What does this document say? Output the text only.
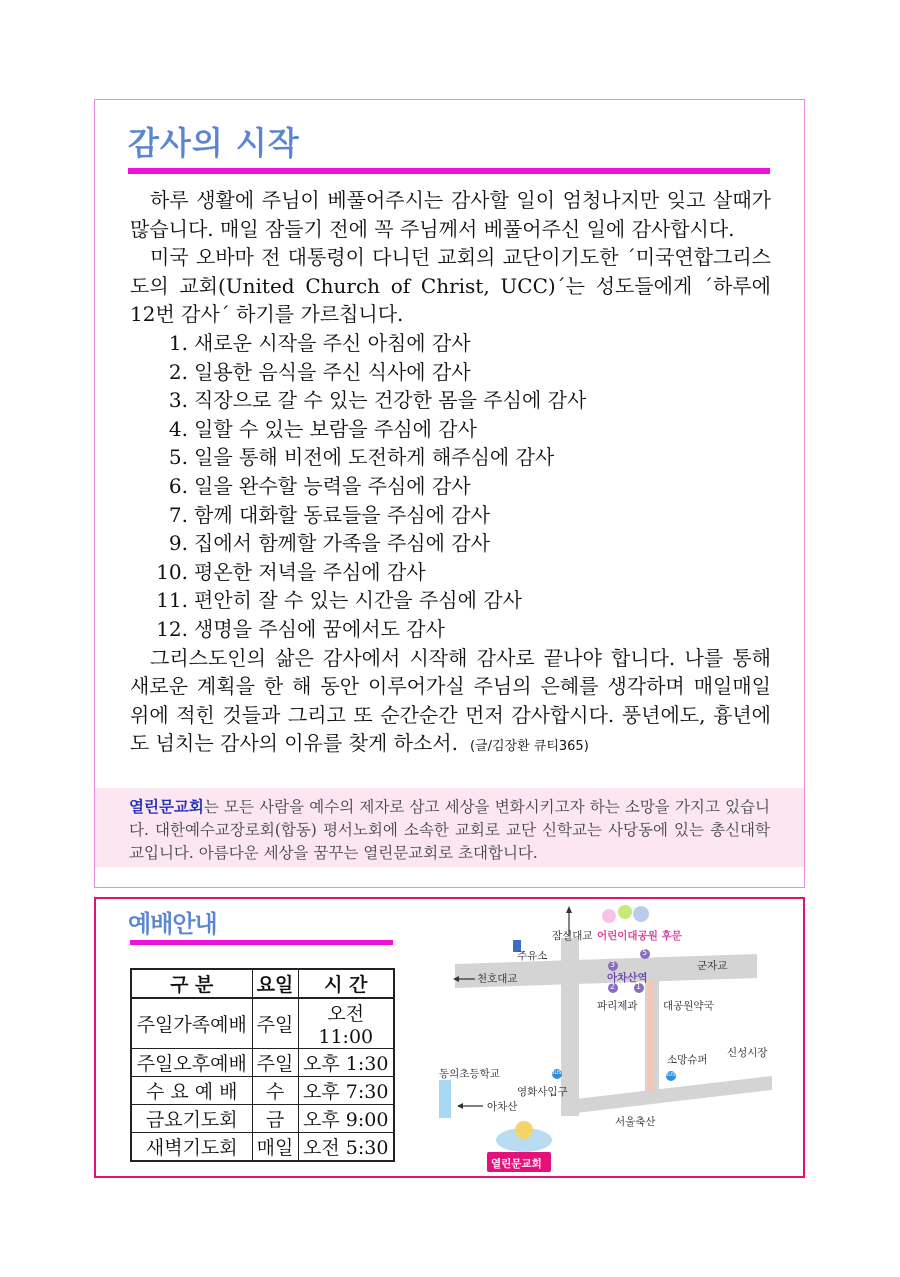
감사의 시작

하루 생활에 주님이 베풀어주시는 감사할 일이 엄청나지만 잊고 살때가 많습니다. 매일 잠들기 전에 꼭 주님께서 베풀어주신 일에 감사합시다.

미국 오바마 전 대통령이 다니던 교회의 교단이기도한 ´미국연합그리스도의 교회(United Church of Christ, UCC)´는 성도들에게 ´하루에 12번 감사´ 하기를 가르칩니다.

1. 새로운 시작을 주신 아침에 감사
2. 일용한 음식을 주신 식사에 감사
3. 직장으로 갈 수 있는 건강한 몸을 주심에 감사
4. 일할 수 있는 보람을 주심에 감사
5. 일을 통해 비전에 도전하게 해주심에 감사
6. 일을 완수할 능력을 주심에 감사
7. 함께 대화할 동료들을 주심에 감사
9. 집에서 함께할 가족을 주심에 감사
10. 평온한 저녁을 주심에 감사
11. 편안히 잘 수 있는 시간을 주심에 감사
12. 생명을 주심에 꿈에서도 감사

그리스도인의 삶은 감사에서 시작해 감사로 끝나야 합니다. 나를 통해 새로운 계획을 한 해 동안 이루어가실 주님의 은혜를 생각하며 매일매일 위에 적힌 것들과 그리고 또 순간순간 먼저 감사합시다. 풍년에도, 흉년에도 넘치는 감사의 이유를 찾게 하소서. (글/김장환 큐티365)

열린문교회는 모든 사람을 예수의 제자로 삼고 세상을 변화시키고자 하는 소망을 가지고 있습니다. 대한예수교장로회(합동) 평서노회에 소속한 교회로 교단 신학교는 사당동에 있는 총신대학교입니다. 아름다운 세상을 꿈꾸는 열린문교회로 초대합니다.
예배안내
구 분	요일	시 간
주일가족예배	주일	오전11:00
주일오후예배	주일	오후 1:30
수 요 예 배	수	오후 7:30
금요기도회	금	오후 9:00
새벽기도회	매일	오전 5:30
잠실대교 어린이대공원 후문
주유소
천호대교
군자교
아차산역
파리제과 대공원약국
소망슈퍼
신성시장
동의초등학교
영화사입구
아차산
서울축산
열린문교회
3
5
2	1
BUS	BUS
